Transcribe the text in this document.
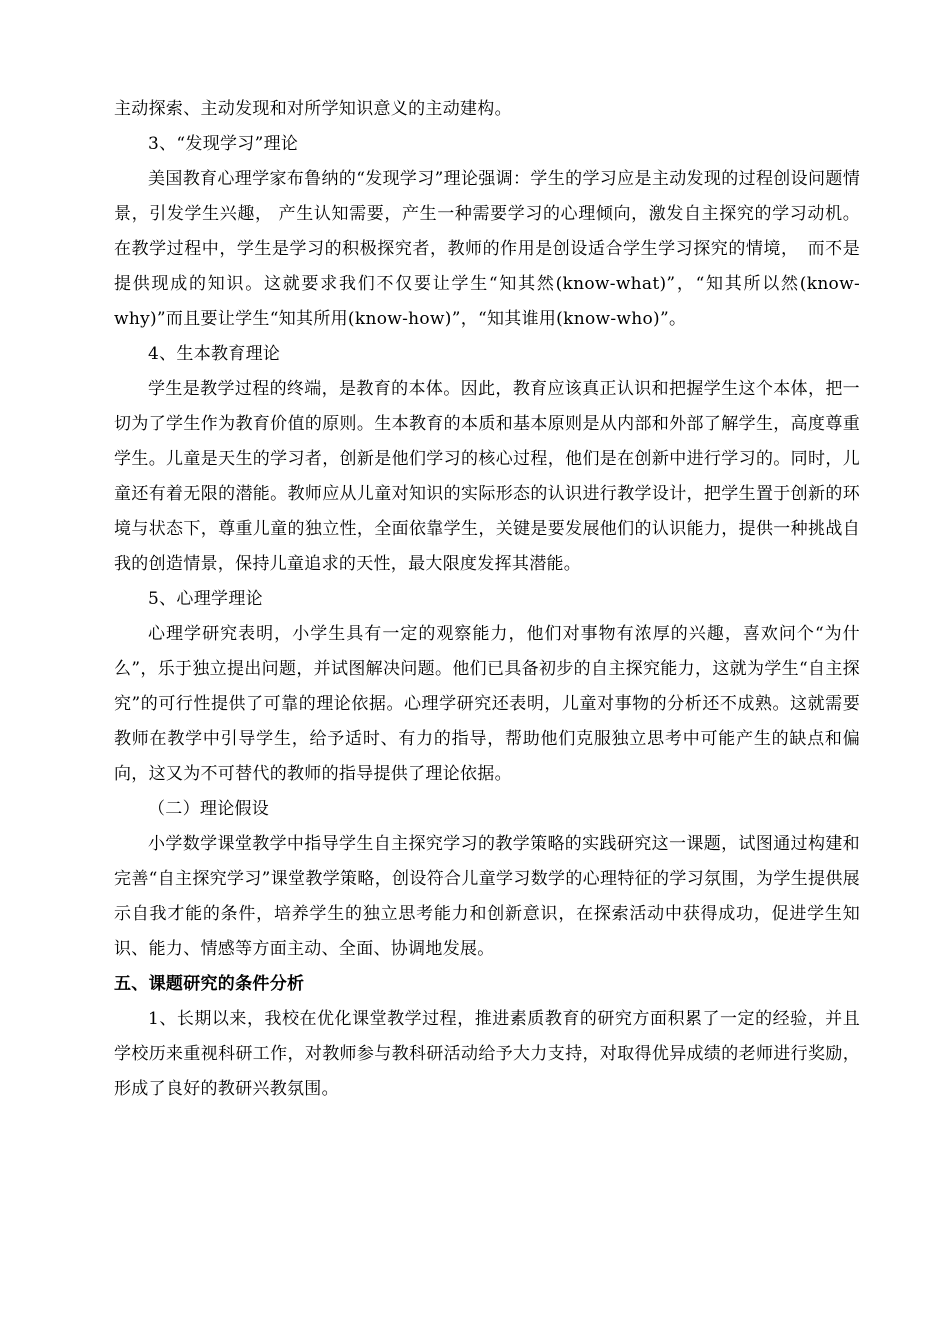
主动探索、主动发现和对所学知识意义的主动建构。

3、“发现学习”理论

美国教育心理学家布鲁纳的“发现学习”理论强调：学生的学习应是主动发现的过程创设问题情景，引发学生兴趣， 产生认知需要，产生一种需要学习的心理倾向，激发自主探究的学习动机。在教学过程中，学生是学习的积极探究者，教师的作用是创设适合学生学习探究的情境，　而不是提供现成的知识。这就要求我们不仅要让学生“知其然(know-what)”，“知其所以然(know-why)”而且要让学生“知其所用(know-how)”，“知其谁用(know-who)”。

4、生本教育理论

学生是教学过程的终端，是教育的本体。因此，教育应该真正认识和把握学生这个本体，把一切为了学生作为教育价值的原则。生本教育的本质和基本原则是从内部和外部了解学生，高度尊重学生。儿童是天生的学习者，创新是他们学习的核心过程，他们是在创新中进行学习的。同时，儿童还有着无限的潜能。教师应从儿童对知识的实际形态的认识进行教学设计，把学生置于创新的环境与状态下，尊重儿童的独立性，全面依靠学生，关键是要发展他们的认识能力，提供一种挑战自我的创造情景，保持儿童追求的天性，最大限度发挥其潜能。

5、心理学理论

心理学研究表明，小学生具有一定的观察能力，他们对事物有浓厚的兴趣，喜欢问个“为什么”，乐于独立提出问题，并试图解决问题。他们已具备初步的自主探究能力，这就为学生“自主探究”的可行性提供了可靠的理论依据。心理学研究还表明，儿童对事物的分析还不成熟。这就需要教师在教学中引导学生，给予适时、有力的指导，帮助他们克服独立思考中可能产生的缺点和偏向，这又为不可替代的教师的指导提供了理论依据。

（二）理论假设

小学数学课堂教学中指导学生自主探究学习的教学策略的实践研究这一课题，试图通过构建和完善“自主探究学习”课堂教学策略，创设符合儿童学习数学的心理特征的学习氛围，为学生提供展示自我才能的条件，培养学生的独立思考能力和创新意识，在探索活动中获得成功，促进学生知识、能力、情感等方面主动、全面、协调地发展。

五、课题研究的条件分析

1、长期以来，我校在优化课堂教学过程，推进素质教育的研究方面积累了一定的经验，并且学校历来重视科研工作，对教师参与教科研活动给予大力支持，对取得优异成绩的老师进行奖励，形成了良好的教研兴教氛围。
